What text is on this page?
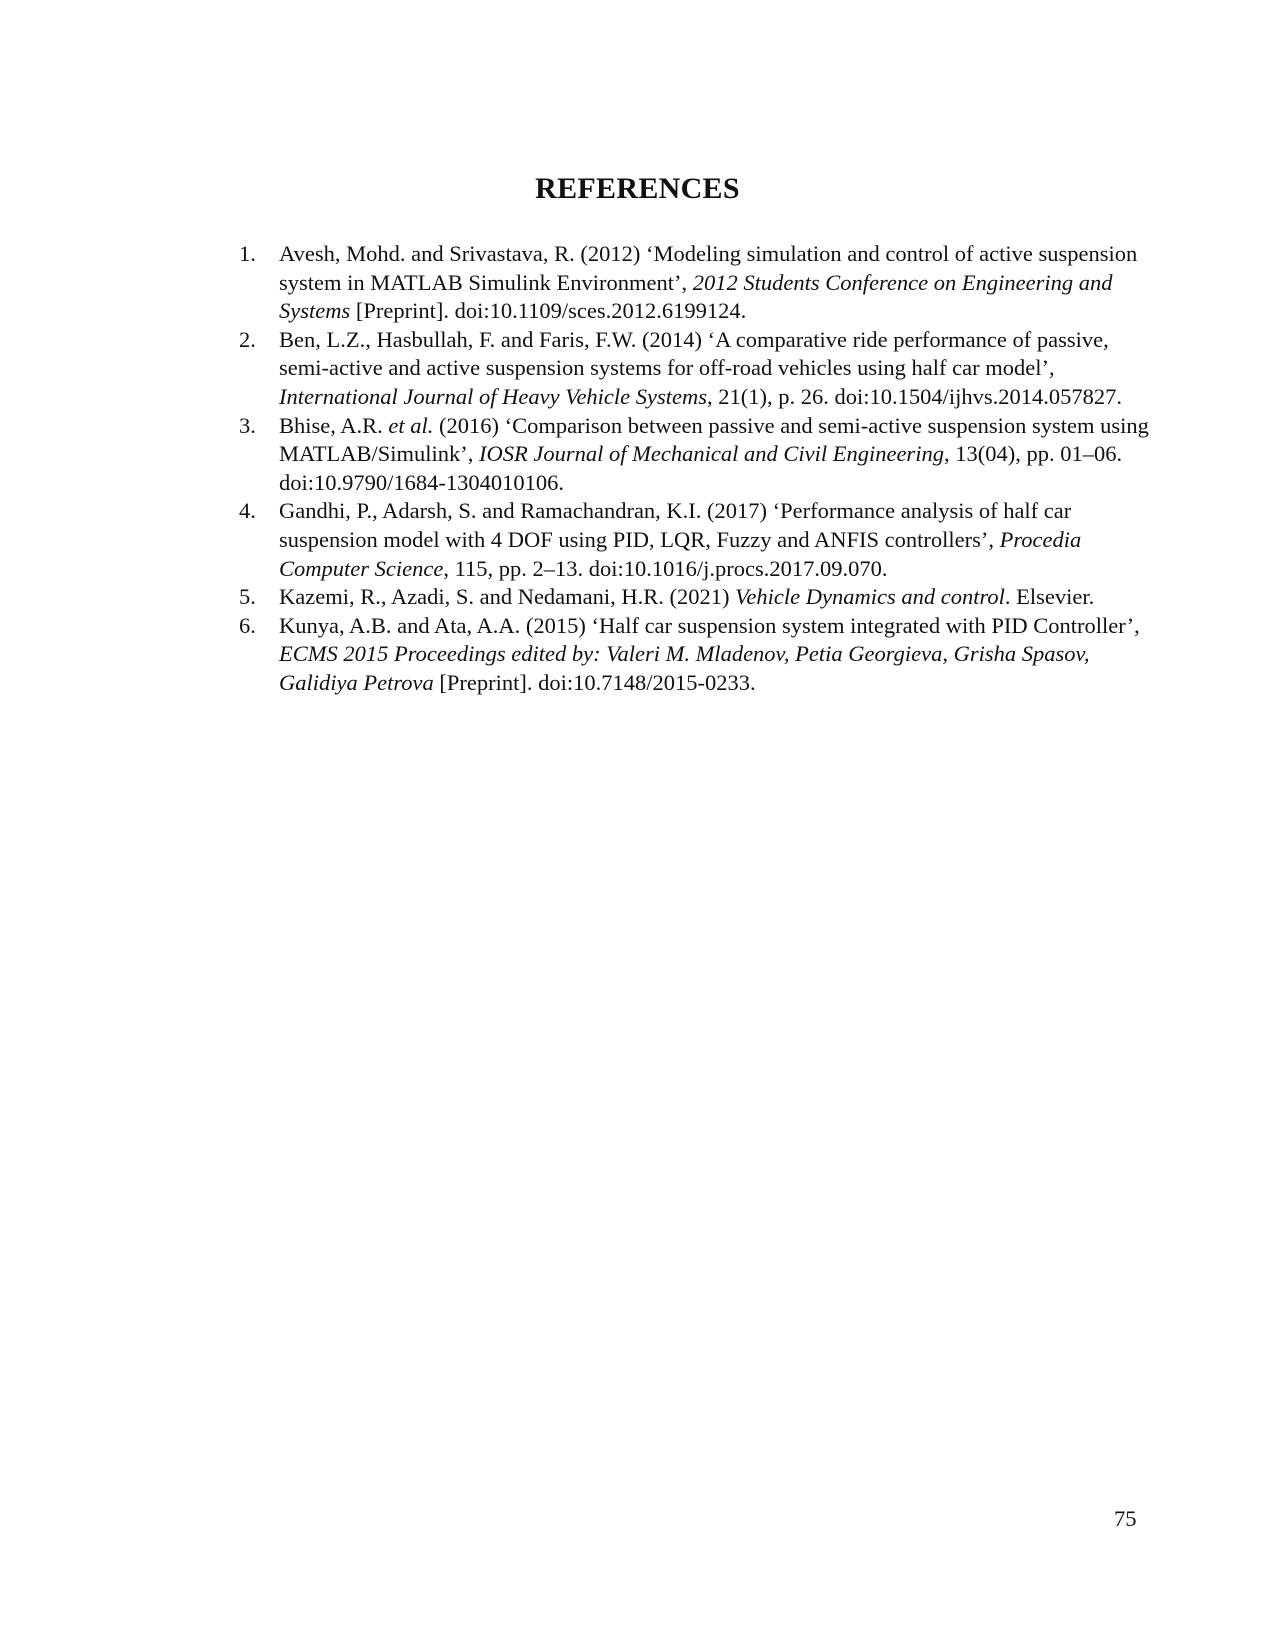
REFERENCES
1.	Avesh, Mohd. and Srivastava, R. (2012) ‘Modeling simulation and control of active suspension system in MATLAB Simulink Environment’, 2012 Students Conference on Engineering and Systems [Preprint]. doi:10.1109/sces.2012.6199124.
2.	Ben, L.Z., Hasbullah, F. and Faris, F.W. (2014) ‘A comparative ride performance of passive, semi-active and active suspension systems for off-road vehicles using half car model’, International Journal of Heavy Vehicle Systems, 21(1), p. 26. doi:10.1504/ijhvs.2014.057827.
3.	Bhise, A.R. et al. (2016) ‘Comparison between passive and semi-active suspension system using MATLAB/Simulink’, IOSR Journal of Mechanical and Civil Engineering, 13(04), pp. 01–06. doi:10.9790/1684-1304010106.
4.	Gandhi, P., Adarsh, S. and Ramachandran, K.I. (2017) ‘Performance analysis of half car suspension model with 4 DOF using PID, LQR, Fuzzy and ANFIS controllers’, Procedia Computer Science, 115, pp. 2–13. doi:10.1016/j.procs.2017.09.070.
5.	Kazemi, R., Azadi, S. and Nedamani, H.R. (2021) Vehicle Dynamics and control. Elsevier.
6.	Kunya, A.B. and Ata, A.A. (2015) ‘Half car suspension system integrated with PID Controller’, ECMS 2015 Proceedings edited by: Valeri M. Mladenov, Petia Georgieva, Grisha Spasov, Galidiya Petrova [Preprint]. doi:10.7148/2015-0233.
75
